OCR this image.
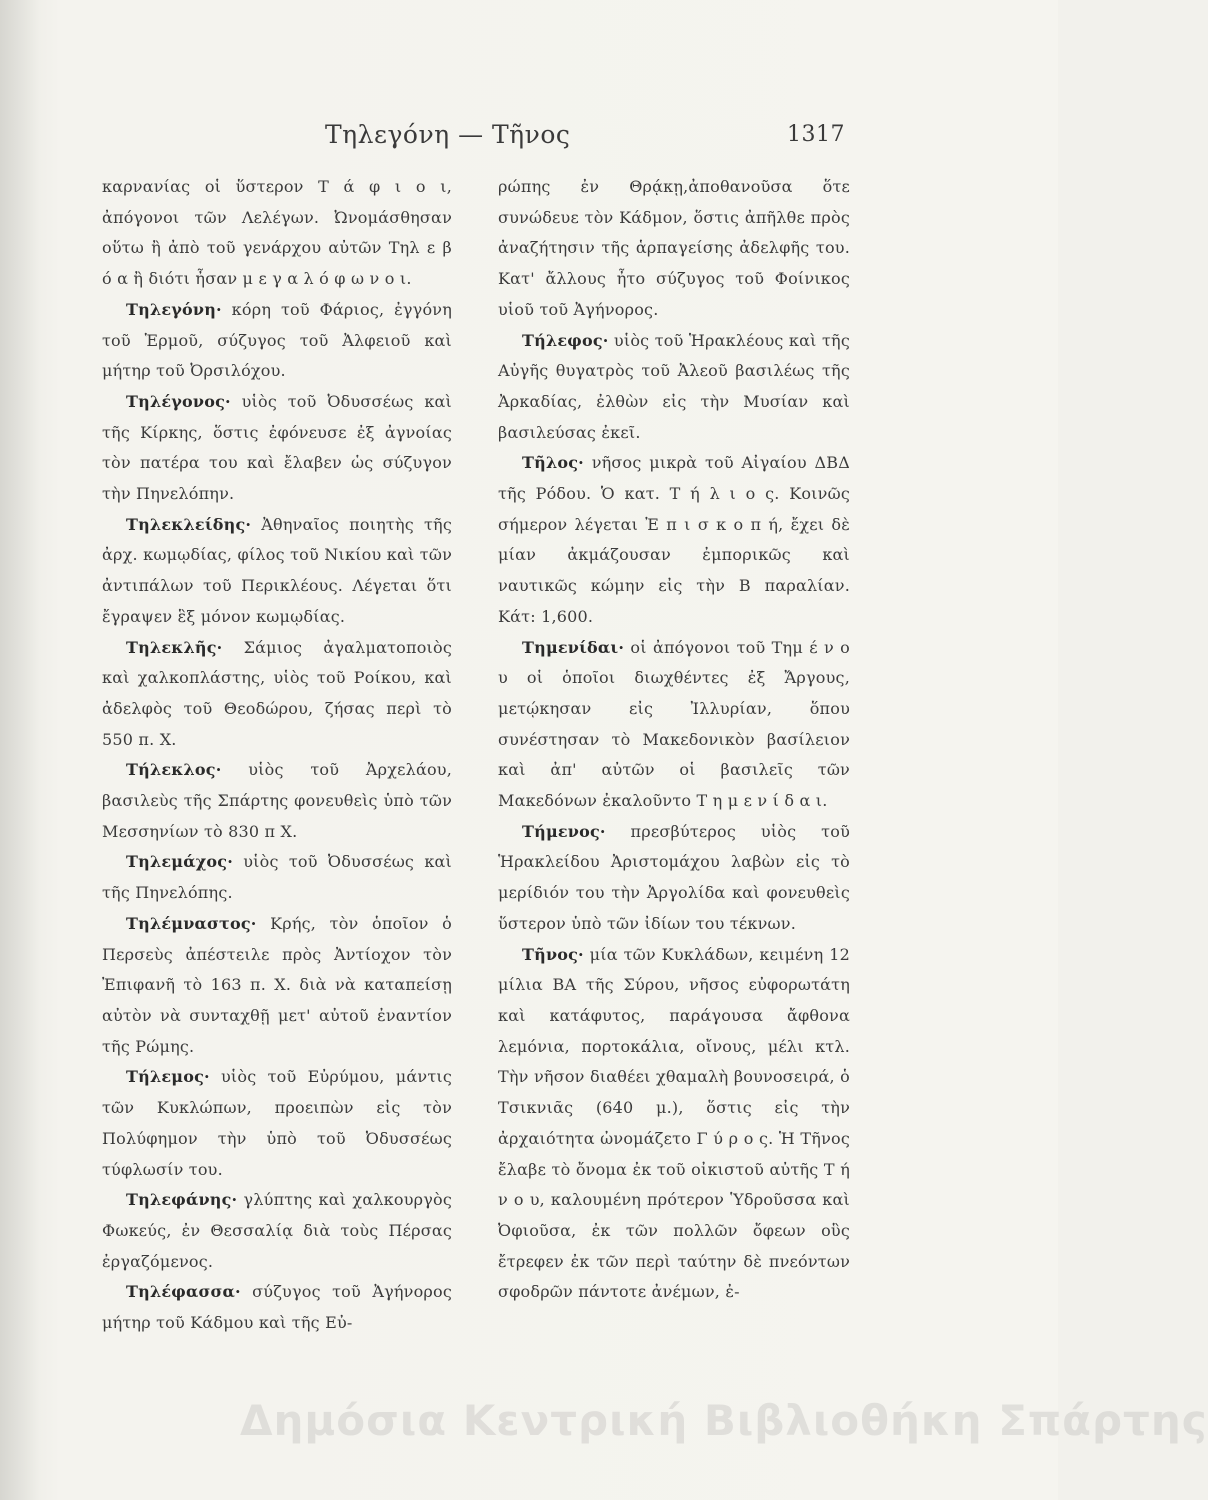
Τηλεγόνη — Τῆνος	1317

καρνανίας οἱ ὕστερον Τ ά φ ι ο ι, ἀπόγονοι τῶν Λελέγων. Ὠνομάσθησαν οὕτω ἢ ἀπὸ τοῦ γενάρχου αὐτῶν Τηλ ε β ό α ἢ διότι ἦσαν μ ε γ α λ ό φ ω ν ο ι.

Τηλεγόνη· κόρη τοῦ Φάριος, ἐγγόνη τοῦ Ἑρμοῦ, σύζυγος τοῦ Ἀλφειοῦ καὶ μήτηρ τοῦ Ὀρσιλόχου.

Τηλέγονος· υἱὸς τοῦ Ὀδυσσέως καὶ τῆς Κίρκης, ὅστις ἐφόνευσε ἐξ ἀγνοίας τὸν πατέρα του καὶ ἔλαβεν ὡς σύζυγον τὴν Πηνελόπην.

Τηλεκλείδης· Ἀθηναῖος ποιητὴς τῆς ἀρχ. κωμῳδίας, φίλος τοῦ Νικίου καὶ τῶν ἀντιπάλων τοῦ Περικλέους. Λέγεται ὅτι ἔγραψεν ἓξ μόνον κωμῳδίας.

Τηλεκλῆς· Σάμιος ἀγαλματοποιὸς καὶ χαλκοπλάστης, υἱὸς τοῦ Ροίκου, καὶ ἀδελφὸς τοῦ Θεοδώρου, ζήσας περὶ τὸ 550 π. Χ.

Τήλεκλος· υἱὸς τοῦ Ἀρχελάου, βασιλεὺς τῆς Σπάρτης φονευθεὶς ὑπὸ τῶν Μεσσηνίων τὸ 830 π Χ.

Τηλεμάχος· υἱὸς τοῦ Ὀδυσσέως καὶ τῆς Πηνελόπης.

Τηλέμναστος· Κρής, τὸν ὁποῖον ὁ Περσεὺς ἀπέστειλε πρὸς Ἀντίοχον τὸν Ἐπιφανῆ τὸ 163 π. Χ. διὰ νὰ καταπείσῃ αὐτὸν νὰ συνταχθῇ μετ' αὐτοῦ ἐναντίον τῆς Ρώμης.

Τήλεμος· υἱὸς τοῦ Εὐρύμου, μάντις τῶν Κυκλώπων, προειπὼν εἰς τὸν Πολύφημον τὴν ὑπὸ τοῦ Ὀδυσσέως τύφλωσίν του.

Τηλεφάνης· γλύπτης καὶ χαλκουργὸς Φωκεύς, ἐν Θεσσαλίᾳ διὰ τοὺς Πέρσας ἐργαζόμενος.

Τηλέφασσα· σύζυγος τοῦ Ἀγήνορος μήτηρ τοῦ Κάδμου καὶ τῆς Εὐ-

ρώπης ἐν Θρᾴκῃ,ἀποθανοῦσα ὅτε συνώδευε τὸν Κάδμον, ὅστις ἀπῆλθε πρὸς ἀναζήτησιν τῆς ἁρπαγείσης ἀδελφῆς του. Κατ' ἄλλους ἦτο σύζυγος τοῦ Φοίνικος υἱοῦ τοῦ Ἀγήνορος.

Τήλεφος· υἱὸς τοῦ Ἡρακλέους καὶ τῆς Αὐγῆς θυγατρὸς τοῦ Ἀλεοῦ βασιλέως τῆς Ἀρκαδίας, ἐλθὼν εἰς τὴν Μυσίαν καὶ βασιλεύσας ἐκεῖ.

Τῆλος· νῆσος μικρὰ τοῦ Αἰγαίου ΔΒΔ τῆς Ρόδου. Ὁ κατ. Τ ή λ ι ο ς. Κοινῶς σήμερον λέγεται Ἐ π ι σ κ ο π ή, ἔχει δὲ μίαν ἀκμάζουσαν ἐμπορικῶς καὶ ναυτικῶς κώμην εἰς τὴν Β παραλίαν. Κάτ: 1,600.

Τημενίδαι· οἱ ἀπόγονοι τοῦ Τημ έ ν ο υ οἱ ὁποῖοι διωχθέντες ἐξ Ἄργους, μετῴκησαν εἰς Ἰλλυρίαν, ὅπου συνέστησαν τὸ Μακεδονικὸν βασίλειον καὶ ἀπ' αὐτῶν οἱ βασιλεῖς τῶν Μακεδόνων ἐκαλοῦντο Τ η μ ε ν ί δ α ι.

Τήμενος· πρεσβύτερος υἱὸς τοῦ Ἡρακλείδου Ἀριστομάχου λαβὼν εἰς τὸ μερίδιόν του τὴν Ἀργολίδα καὶ φονευθεὶς ὕστερον ὑπὸ τῶν ἰδίων του τέκνων.

Τῆνος· μία τῶν Κυκλάδων, κειμένη 12 μίλια ΒΑ τῆς Σύρου, νῆσος εὐφορωτάτη καὶ κατάφυτος, παράγουσα ἄφθονα λεμόνια, πορτοκάλια, οἴνους, μέλι κτλ. Τὴν νῆσον διαθέει χθαμαλὴ βουνοσειρά, ὁ Τσικνιᾶς (640 μ.), ὅστις εἰς τὴν ἀρχαιότητα ὠνομάζετο Γ ύ ρ ο ς. Ἡ Τῆνος ἔλαβε τὸ ὄνομα ἐκ τοῦ οἰκιστοῦ αὐτῆς Τ ή ν ο υ, καλουμένη πρότερον Ὑδροῦσσα καὶ Ὀφιοῦσα, ἐκ τῶν πολλῶν ὄφεων οὓς ἔτρεφεν ἐκ τῶν περὶ ταύτην δὲ πνεόντων σφοδρῶν πάντοτε ἀνέμων, ἐ-

Δημόσια Κεντρική Βιβλιοθήκη Σπάρτης
